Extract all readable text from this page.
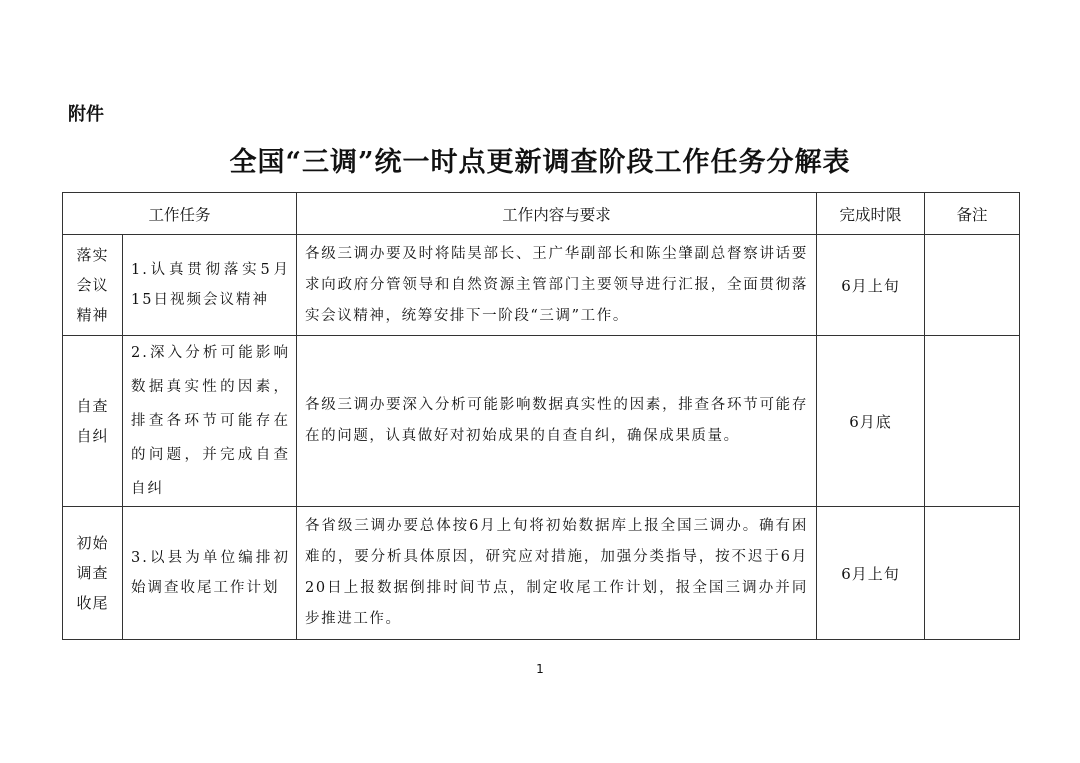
附件
全国“三调”统一时点更新调查阶段工作任务分解表
工作任务		工作内容与要求	完成时限	备注

落实
会议
精神	1.认真贯彻落实5月15日视频会议精神	各级三调办要及时将陆昊部长、王广华副部长和陈尘肇副总督察讲话要求向政府分管领导和自然资源主管部门主要领导进行汇报，全面贯彻落实会议精神，统筹安排下一阶段“三调”工作。	6月上旬	

自查
自纠	2.深入分析可能影响数据真实性的因素，排查各环节可能存在的问题，并完成自查自纠	各级三调办要深入分析可能影响数据真实性的因素，排查各环节可能存在的问题，认真做好对初始成果的自查自纠，确保成果质量。	6月底	

初始
调查
收尾	3.以县为单位编排初始调查收尾工作计划	各省级三调办要总体按6月上旬将初始数据库上报全国三调办。确有困难的，要分析具体原因，研究应对措施，加强分类指导，按不迟于6月20日上报数据倒排时间节点，制定收尾工作计划，报全国三调办并同步推进工作。	6月上旬	
1
